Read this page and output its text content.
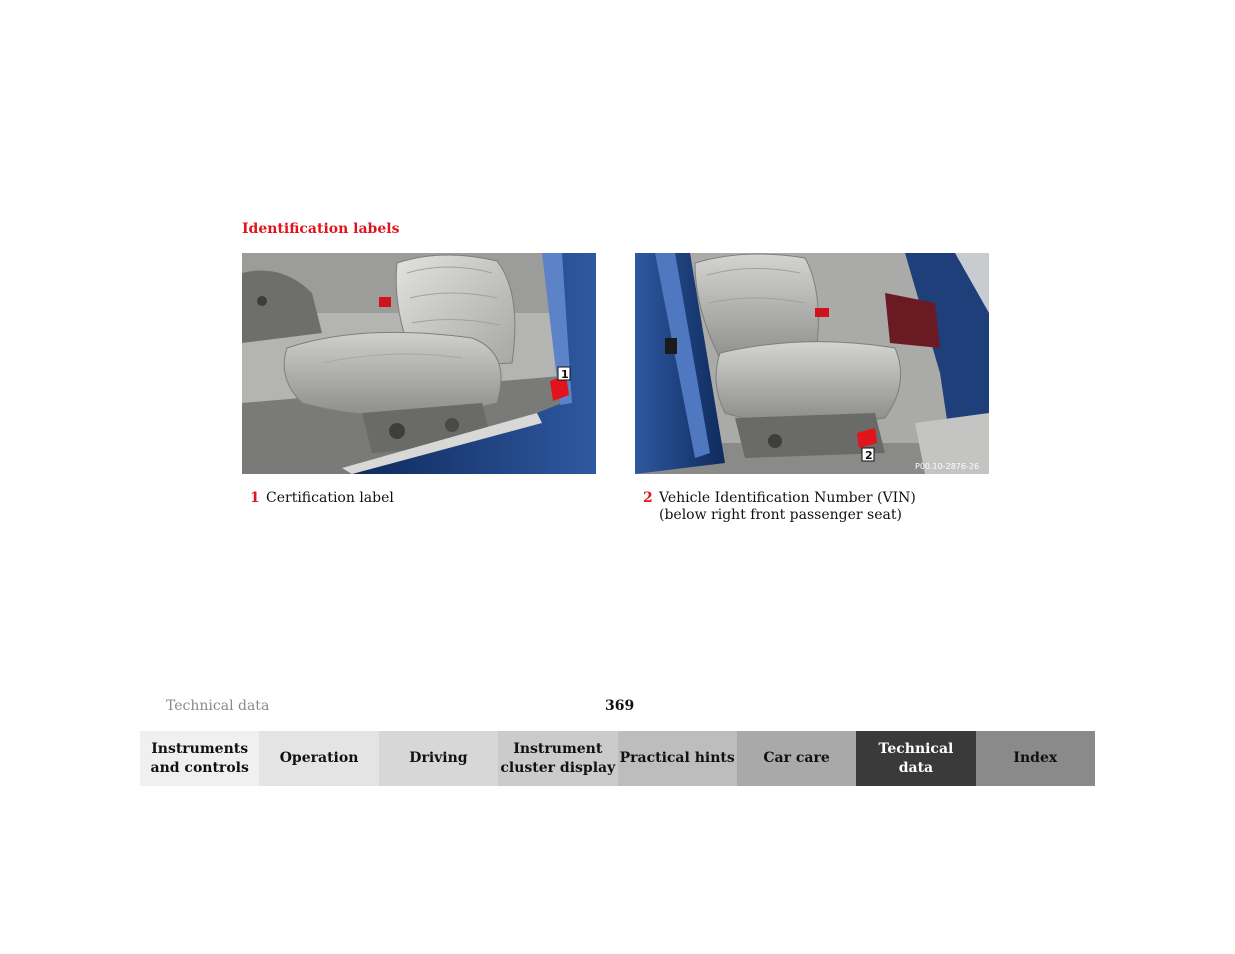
Identification labels
1
2
P00.10-2876-26
1 Certification label	2 Vehicle Identification Number (VIN)
(below right front passenger seat)
Technical data	369
Instruments
and controls
Operation	Driving
Instrument
cluster display
Practical hints Car care
Technical
data
Index
